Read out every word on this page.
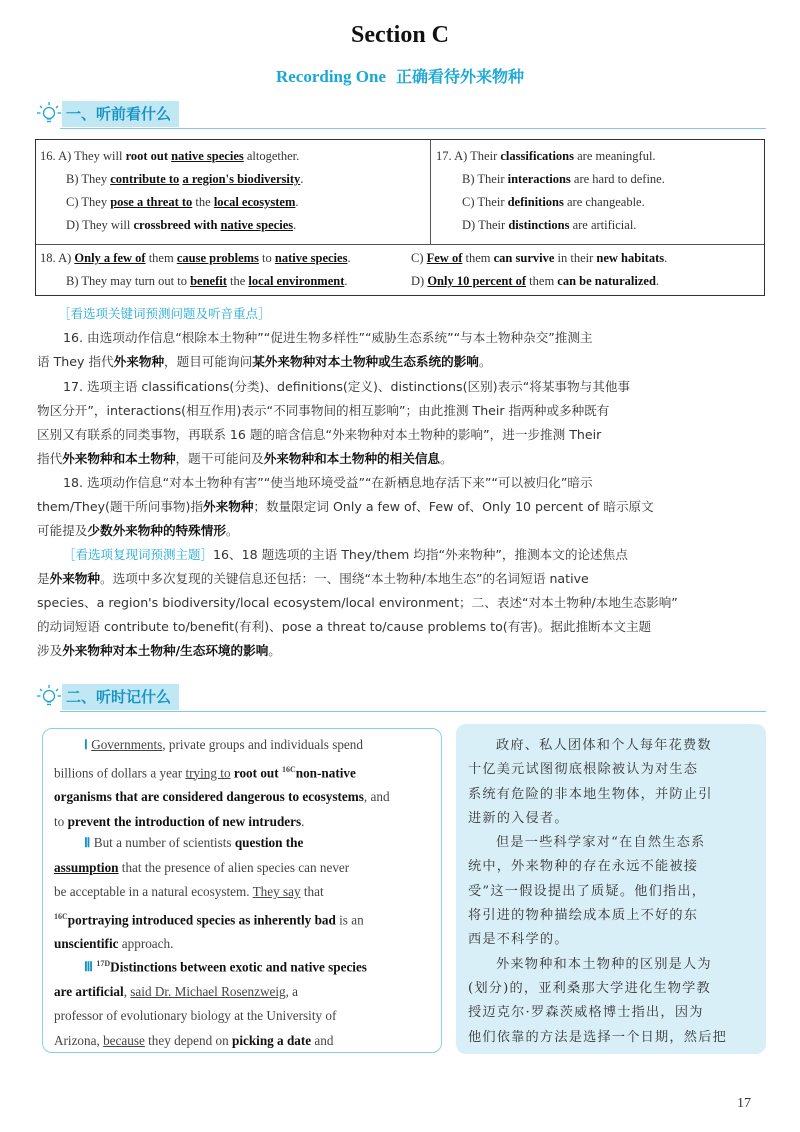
Section C
Recording One 正确看待外来物种
一、听前看什么
16. A) They will root out native species altogether.
B) They contribute to a region's biodiversity.
C) They pose a threat to the local ecosystem.
D) They will crossbreed with native species.
17. A) Their classifications are meaningful.
B) Their interactions are hard to define.
C) Their definitions are changeable.
D) Their distinctions are artificial.
18. A) Only a few of them cause problems to native species.
B) They may turn out to benefit the local environment.
C) Few of them can survive in their new habitats.
D) Only 10 percent of them can be naturalized.
［看选项关键词预测问题及听音重点］
16. 由选项动作信息“根除本土物种”“促进生物多样性”“威胁生态系统”“与本土物种杂交”推测主
语 They 指代外来物种，题目可能询问某外来物种对本土物种或生态系统的影响。
17. 选项主语 classifications(分类)、definitions(定义)、distinctions(区别)表示“将某事物与其他事
物区分开”，interactions(相互作用)表示“不同事物间的相互影响”；由此推测 Their 指两种或多种既有
区别又有联系的同类事物，再联系 16 题的暗含信息“外来物种对本土物种的影响”，进一步推测 Their
指代外来物种和本土物种，题干可能问及外来物种和本土物种的相关信息。
18. 选项动作信息“对本土物种有害”“使当地环境受益”“在新栖息地存活下来”“可以被归化”暗示
them/They(题干所问事物)指外来物种；数量限定词 Only a few of、Few of、Only 10 percent of 暗示原文
可能提及少数外来物种的特殊情形。
［看选项复现词预测主题］16、18 题选项的主语 They/them 均指“外来物种”，推测本文的论述焦点
是外来物种。选项中多次复现的关键信息还包括：一、围绕“本土物种/本地生态”的名词短语 native
species、a region's biodiversity/local ecosystem/local environment；二、表述“对本土物种/本地生态影响”
的动词短语 contribute to/benefit(有利)、pose a threat to/cause problems to(有害)。据此推断本文主题
涉及外来物种对本土物种/生态环境的影响。
二、听时记什么
Ⅰ Governments, private groups and individuals spend
billions of dollars a year trying to root out $^{16C}$non-native
organisms that are considered dangerous to ecosystems, and
to prevent the introduction of new intruders.
Ⅱ But a number of scientists question the
assumption that the presence of alien species can never
be acceptable in a natural ecosystem. They say that
$^{16C}$portraying introduced species as inherently bad is an
unscientific approach.
Ⅲ $^{17D}$Distinctions between exotic and native species
are artificial, said Dr. Michael Rosenzweig, a
professor of evolutionary biology at the University of
Arizona, because they depend on picking a date and
政府、私人团体和个人每年花费数
十亿美元试图彻底根除被认为对生态
系统有危险的非本地生物体，并防止引
进新的入侵者。
但是一些科学家对“在自然生态系
统中，外来物种的存在永远不能被接
受”这一假设提出了质疑。他们指出，
将引进的物种描绘成本质上不好的东
西是不科学的。
外来物种和本土物种的区别是人为
(划分)的，亚利桑那大学进化生物学教
授迈克尔·罗森茨威格博士指出，因为
他们依靠的方法是选择一个日期，然后把
17
